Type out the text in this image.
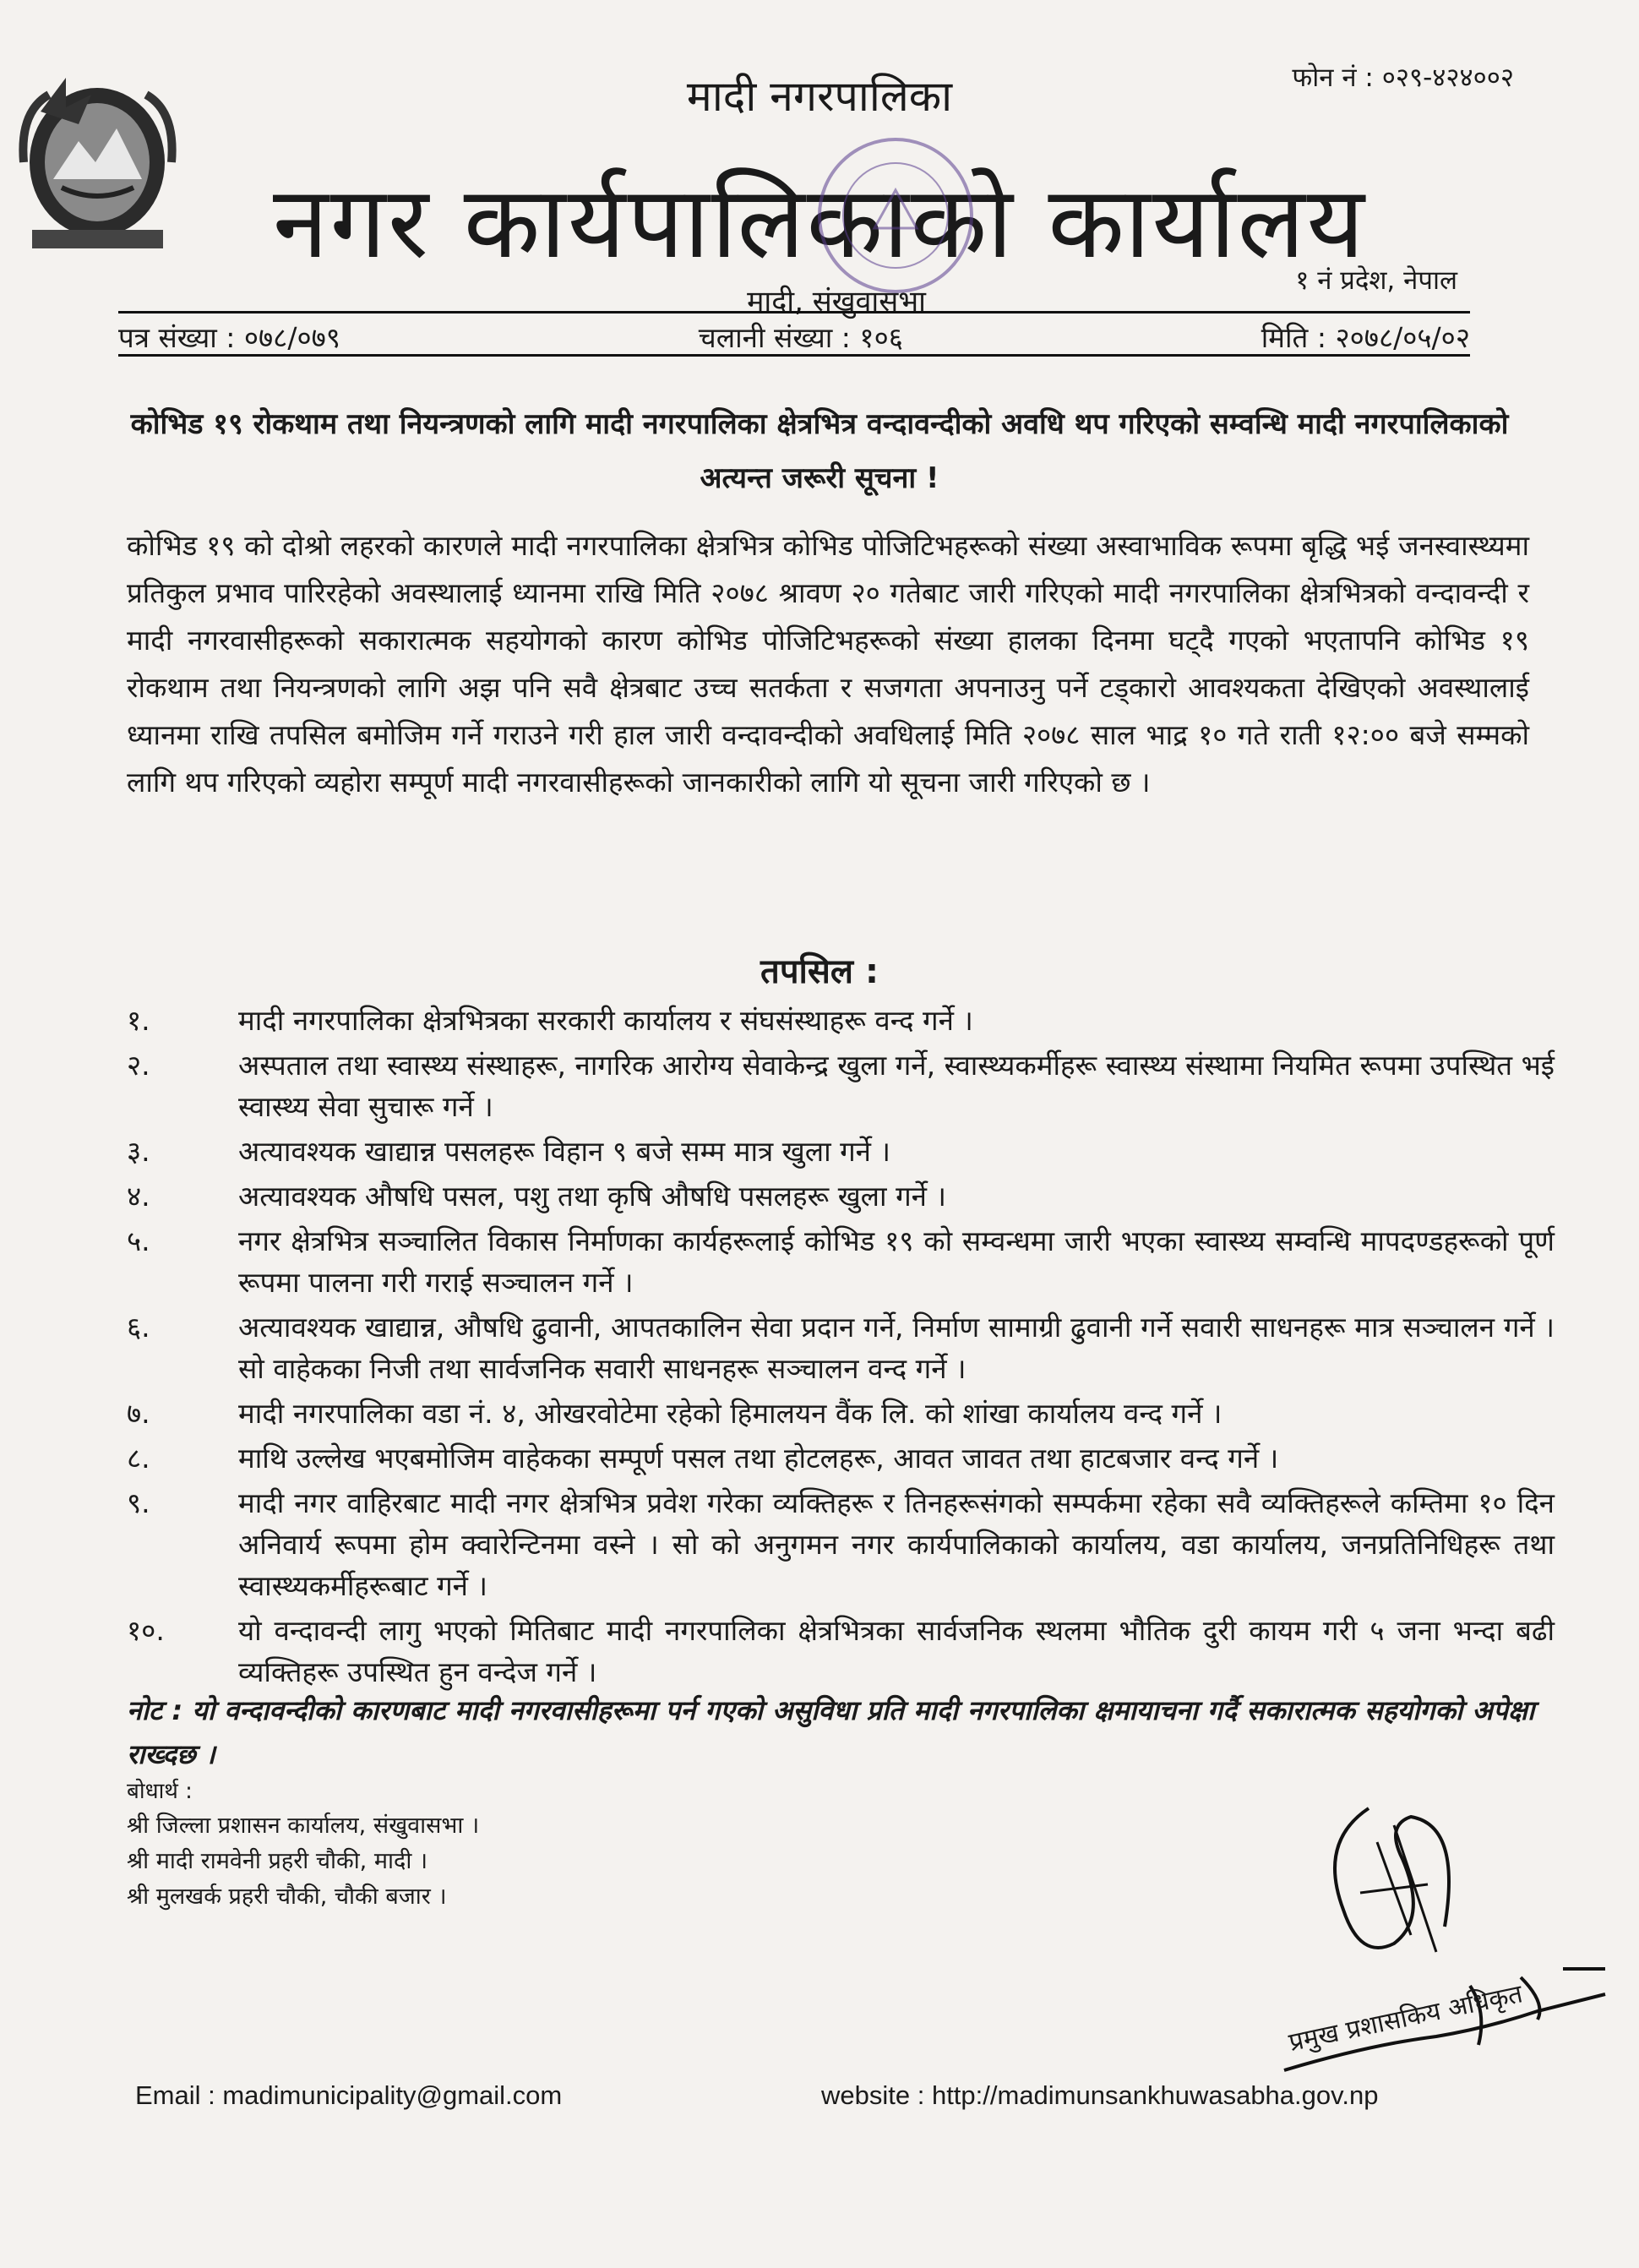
मादी नगरपालिका	फोन नं : ०२९-४२४००२
नगर कार्यपालिकाको कार्यालय
१ नं प्रदेश, नेपाल
मादी, संखुवासभा
पत्र संख्या : ०७८/०७९	चलानी संख्या : १०६	मिति : २०७८/०५/०२
कोभिड १९ रोकथाम तथा नियन्त्रणको लागि मादी नगरपालिका क्षेत्रभित्र वन्दावन्दीको अवधि थप गरिएको सम्वन्धि मादी नगरपालिकाको अत्यन्त जरूरी सूचना !
कोभिड १९ को दोश्रो लहरको कारणले मादी नगरपालिका क्षेत्रभित्र कोभिड पोजिटिभहरूको संख्या अस्वाभाविक रूपमा बृद्धि भई जनस्वास्थ्यमा प्रतिकुल प्रभाव पारिरहेको अवस्थालाई ध्यानमा राखि मिति २०७८ श्रावण २० गतेबाट जारी गरिएको मादी नगरपालिका क्षेत्रभित्रको वन्दावन्दी र मादी नगरवासीहरूको सकारात्मक सहयोगको कारण कोभिड पोजिटिभहरूको संख्या हालका दिनमा घट्दै गएको भएतापनि कोभिड १९ रोकथाम तथा नियन्त्रणको लागि अझ पनि सवै क्षेत्रबाट उच्च सतर्कता र सजगता अपनाउनु पर्ने टड्कारो आवश्यकता देखिएको अवस्थालाई ध्यानमा राखि तपसिल बमोजिम गर्ने गराउने गरी हाल जारी वन्दावन्दीको अवधिलाई मिति २०७८ साल भाद्र १० गते राती १२:०० बजे सम्मको लागि थप गरिएको व्यहोरा सम्पूर्ण मादी नगरवासीहरूको जानकारीको लागि यो सूचना जारी गरिएको छ ।
तपसिल :
१.	मादी नगरपालिका क्षेत्रभित्रका सरकारी कार्यालय र संघसंस्थाहरू वन्द गर्ने ।
२.	अस्पताल तथा स्वास्थ्य संस्थाहरू, नागरिक आरोग्य सेवाकेन्द्र खुला गर्ने, स्वास्थ्यकर्मीहरू स्वास्थ्य संस्थामा नियमित रूपमा उपस्थित भई स्वास्थ्य सेवा सुचारू गर्ने ।
३.	अत्यावश्यक खाद्यान्न पसलहरू विहान ९ बजे सम्म मात्र खुला गर्ने ।
४.	अत्यावश्यक औषधि पसल, पशु तथा कृषि औषधि पसलहरू खुला गर्ने ।
५.	नगर क्षेत्रभित्र सञ्चालित विकास निर्माणका कार्यहरूलाई कोभिड १९ को सम्वन्धमा जारी भएका स्वास्थ्य सम्वन्धि मापदण्डहरूको पूर्ण रूपमा पालना गरी गराई सञ्चालन गर्ने ।
६.	अत्यावश्यक खाद्यान्न, औषधि ढुवानी, आपतकालिन सेवा प्रदान गर्ने, निर्माण सामाग्री ढुवानी गर्ने सवारी साधनहरू मात्र सञ्चालन गर्ने । सो वाहेकका निजी तथा सार्वजनिक सवारी साधनहरू सञ्चालन वन्द गर्ने ।
७.	मादी नगरपालिका वडा नं. ४, ओखरवोटेमा रहेको हिमालयन वैंक लि. को शांखा कार्यालय वन्द गर्ने ।
८.	माथि उल्लेख भएबमोजिम वाहेकका सम्पूर्ण पसल तथा होटलहरू, आवत जावत तथा हाटबजार वन्द गर्ने ।
९.	मादी नगर वाहिरबाट मादी नगर क्षेत्रभित्र प्रवेश गरेका व्यक्तिहरू र तिनहरूसंगको सम्पर्कमा रहेका सवै व्यक्तिहरूले कम्तिमा १० दिन अनिवार्य रूपमा होम क्वारेन्टिनमा वस्ने । सो को अनुगमन नगर कार्यपालिकाको कार्यालय, वडा कार्यालय, जनप्रतिनिधिहरू तथा स्वास्थ्यकर्मीहरूबाट गर्ने ।
१०.	यो वन्दावन्दी लागु भएको मितिबाट मादी नगरपालिका क्षेत्रभित्रका सार्वजनिक स्थलमा भौतिक दुरी कायम गरी ५ जना भन्दा बढी व्यक्तिहरू उपस्थित हुन वन्देज गर्ने ।
नोट : यो वन्दावन्दीको कारणबाट मादी नगरवासीहरूमा पर्न गएको असुविधा प्रति मादी नगरपालिका क्षमायाचना गर्दै सकारात्मक सहयोगको अपेक्षा राख्दछ ।
बोधार्थ :
श्री जिल्ला प्रशासन कार्यालय, संखुवासभा ।
श्री मादी रामवेनी प्रहरी चौकी, मादी ।
श्री मुलखर्क प्रहरी चौकी, चौकी बजार ।
प्रमुख प्रशासकिय अधिकृत
Email : madimunicipality@gmail.com	website : http://madimunsankhuwasabha.gov.np
